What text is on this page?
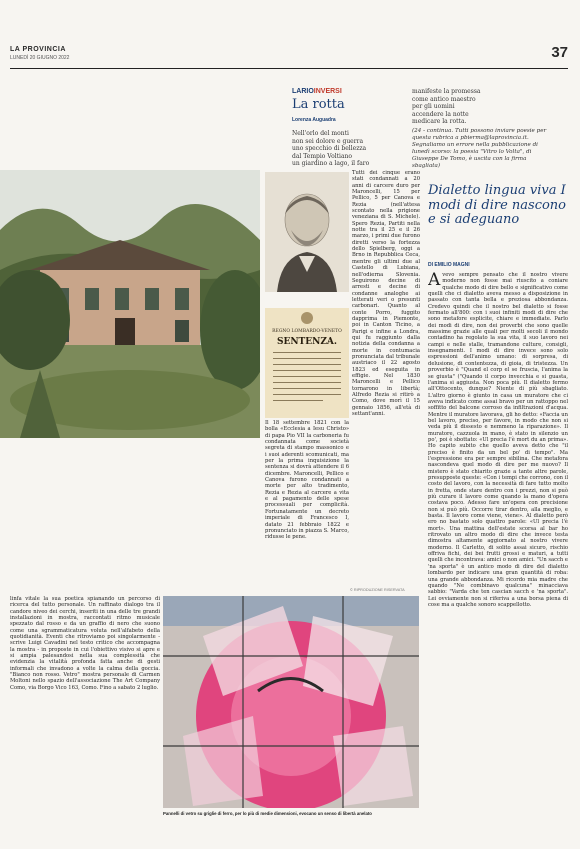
LA PROVINCIA
LUNEDÌ 20 GIUGNO 2022	37
LARIOINVERSI
La rotta
Lorenza Auguadra
Nell'orlo del monti
non sei dolore e guerra
uno specchio di bellezza
dal Tempio Voltiano
un giardino a lago, il faro
manifeste la promessa
come antico maestro
per gli uomini
accendere la notte
medicare la rotta.
(24 - continua. Tutti possono inviare poesie per questa rubrica a pbierma@laprovincia.it. Segnaliamo un errore nella pubblicazione di lunedì scorso: la poesia "Vitro lo Volta", di Giuseppe De Tomo, è uscita con la firma sbagliata)
Tutti dei cinque erano stati condannati a 20 anni di carcere duro per Maroncelli, 15 per Pellico, 5 per Canova e Rezia (nell'attesa scontato nella prigione veneziana di S. Michele). Spero Rezia, Partiti nella notte tra il 25 e il 26 marzo, i primi due furono diretti verso la fortezza dello Spielberg, oggi a Brno in Repubblica Ceca, mentre gli ultimi due al Castello di Lubiana, nell'odierna Slovenia. Seguirono decine di arresti e decine di condanne analoghe ai letterati veri o presunti carbonari. Quanto al conte Porro, fuggito dapprima in Piemonte, poi in Canton Ticino, a Parigi e infine a Londra, qui fu raggiunto dalla notizia della condanna a morte in contumacia pronunciata dal tribunale austriaco il 22 agosto 1823 ed eseguita in effigie. Nel 1830 Maroncelli e Pellico tornarono in libertà; Alfredo Rezia si ritirò a Como, dove morì il 15 gennaio 1856, all'età di settant'anni.
REGNO LOMBARDO-VENETO
SENTENZA.
Il 18 settembre 1821 con la bolla «Ecclesia a Iesu Christo» di papa Pio VII la carboneria fu condannata come società segreta di stampo massonico e i suoi aderenti scomunicati, ma per la prima inquisizione la sentenza si dovrà attendere il 6 dicembre. Maroncelli, Pellico e Canova furono condannati a morte per alto tradimento, Rezia e Rezia al carcere a vita e al pagamento delle spese processuali per complicità. Fortunatamente un decreto imperiale di Francesco I, datato 21 febbraio 1822 e pronunciato in piazza S. Marco, ridusse le pene.
© RIPRODUZIONE RISERVATA
Dialetto lingua viva I modi di dire nascono e si adeguano
DI EMILIO MAGNI
Avevo sempre pensato che il nostro vivere moderno non fosse mai riuscito a coniare qualche modo di dire bello e significativo come quelli che ci dialetto aveva messo a disposizione in passato con tanta bella e preziosa abbondanza. Credevo quindi che il nostro bel dialetto si fosse fermato all'800: con i suoi infiniti modi di dire che sono metafore esplicite, chiare e immediate. Parlo dei modi di dire, non dei proverbi che sono quelle massime grazie alle quali per molti secoli il mondo contadino ha regolato la sua vita, il suo lavoro nei campi e nelle stalle, tramandone culture, consigli, insegnamenti. I modi di dire invece sono solo espressioni dell'animo umano: di sorpresa, di delusione, di contentezza, di gioia, di tristezza. Un proverbio è "Quand el corp el se fruscia, l'anima la se giusta" ("Quando il corpo invecchia e si guasta, l'anima si aggiusta. Non poca più. Il dialetto fermo all'Ottocento, dunque? Niente di più sbagliato. L'altro giorno è giunto in casa un muratore che ci aveva indicato come assai bravo per un rattoppo nel soffitto del balcone corroso da infiltrazioni d'acqua. Mentre il muratore lavorava, gli ho detto: «Faccia un bel lavoro, preciso, per favore, in modo che non si veda più il dissesto e nemmeno la riparazione». Il muratore, cazzuola in mano, è stato in silenzio un po', poi è sbottato: «Ul precia l'è mort du an prima». Ho capito subito che quello aveva detto che "il preciso è finito da un bel po' di tempo". Ma l'espressione era per sempre sibilina. Che metafora nascondeva quel modo di dire per me nuovo? Il mistero è stato chiarito grazie a tante altre parole, presupposte queste: «Con i tempi che corrono, con il costo del lavoro, con la necessità di fare tutto molto in fretta, onde stare dentro con i prezzi, non si può più curare il lavoro come quando la mano d'opera costava poco. Adesso fare un'opera con precisione non si può più. Occorre tirar dentro, alla meglio, e basta. Il lavoro come viene, viene». Al dialetto però ero no bastato solo quattro parole: «Ul precia l'è mort». Una mattina dell'estate scorsa al bar ho ritrovato un altro modo di dire che invece testa dimostra altamente aggiornato al nostro vivere moderno. Il Carletto, di solito assai sicuro, rischio offriva fichi, dei bei frutti grossi e maturi, a tutti quelli che incontrava: amici o non amici. "Un sacch e 'na sporta" è un antico modo di dire del dialetto lombardo per indicare una gran quantità di roba: una grande abbondanza. Mi ricordo mia madre che quando "Ne combinavo qualcuna" minacciava sabbio: "Varda che ten cascian sacch e 'na sporta". Lei ovviamente non si riferiva a una borsa piena di cose ma a qualche sonoro scappellotto.
linfa vitale la sua poetica spianando un percorso di ricerca del tutto personale. Un raffinato dialogo tra il candore niveo dei cerchi, inseriti in una delle tre grandi installazioni in mostra, raccontati ritmo musicale spezzato dal rosso e da un graffio di nero che suono come una sgrammaticatura voluta nell'alfabeto della quotidianità. Eventi che ritroviamo poi singolarmente - scrive Luigi Cavadini nel testo critico che accompagna la mostra - in proposte in cui l'obiettivo visivo si apre e si ampia palesandosi nella sua complessità che evidenzia la vitalità profonda fatta anche di gesti informali che invadono a volte la calma della goccia. "Bianco non rosso. Vetro" mostra personale di Carmen Moltoni nello spazio dell'associazione The Art Company Como, via Borgo Vico 163, Como. Fino a sabato 2 luglio.
Pannelli di vetro su griglie di ferro, per lo più di medie dimensioni, evocano un senso di libertà anelato
